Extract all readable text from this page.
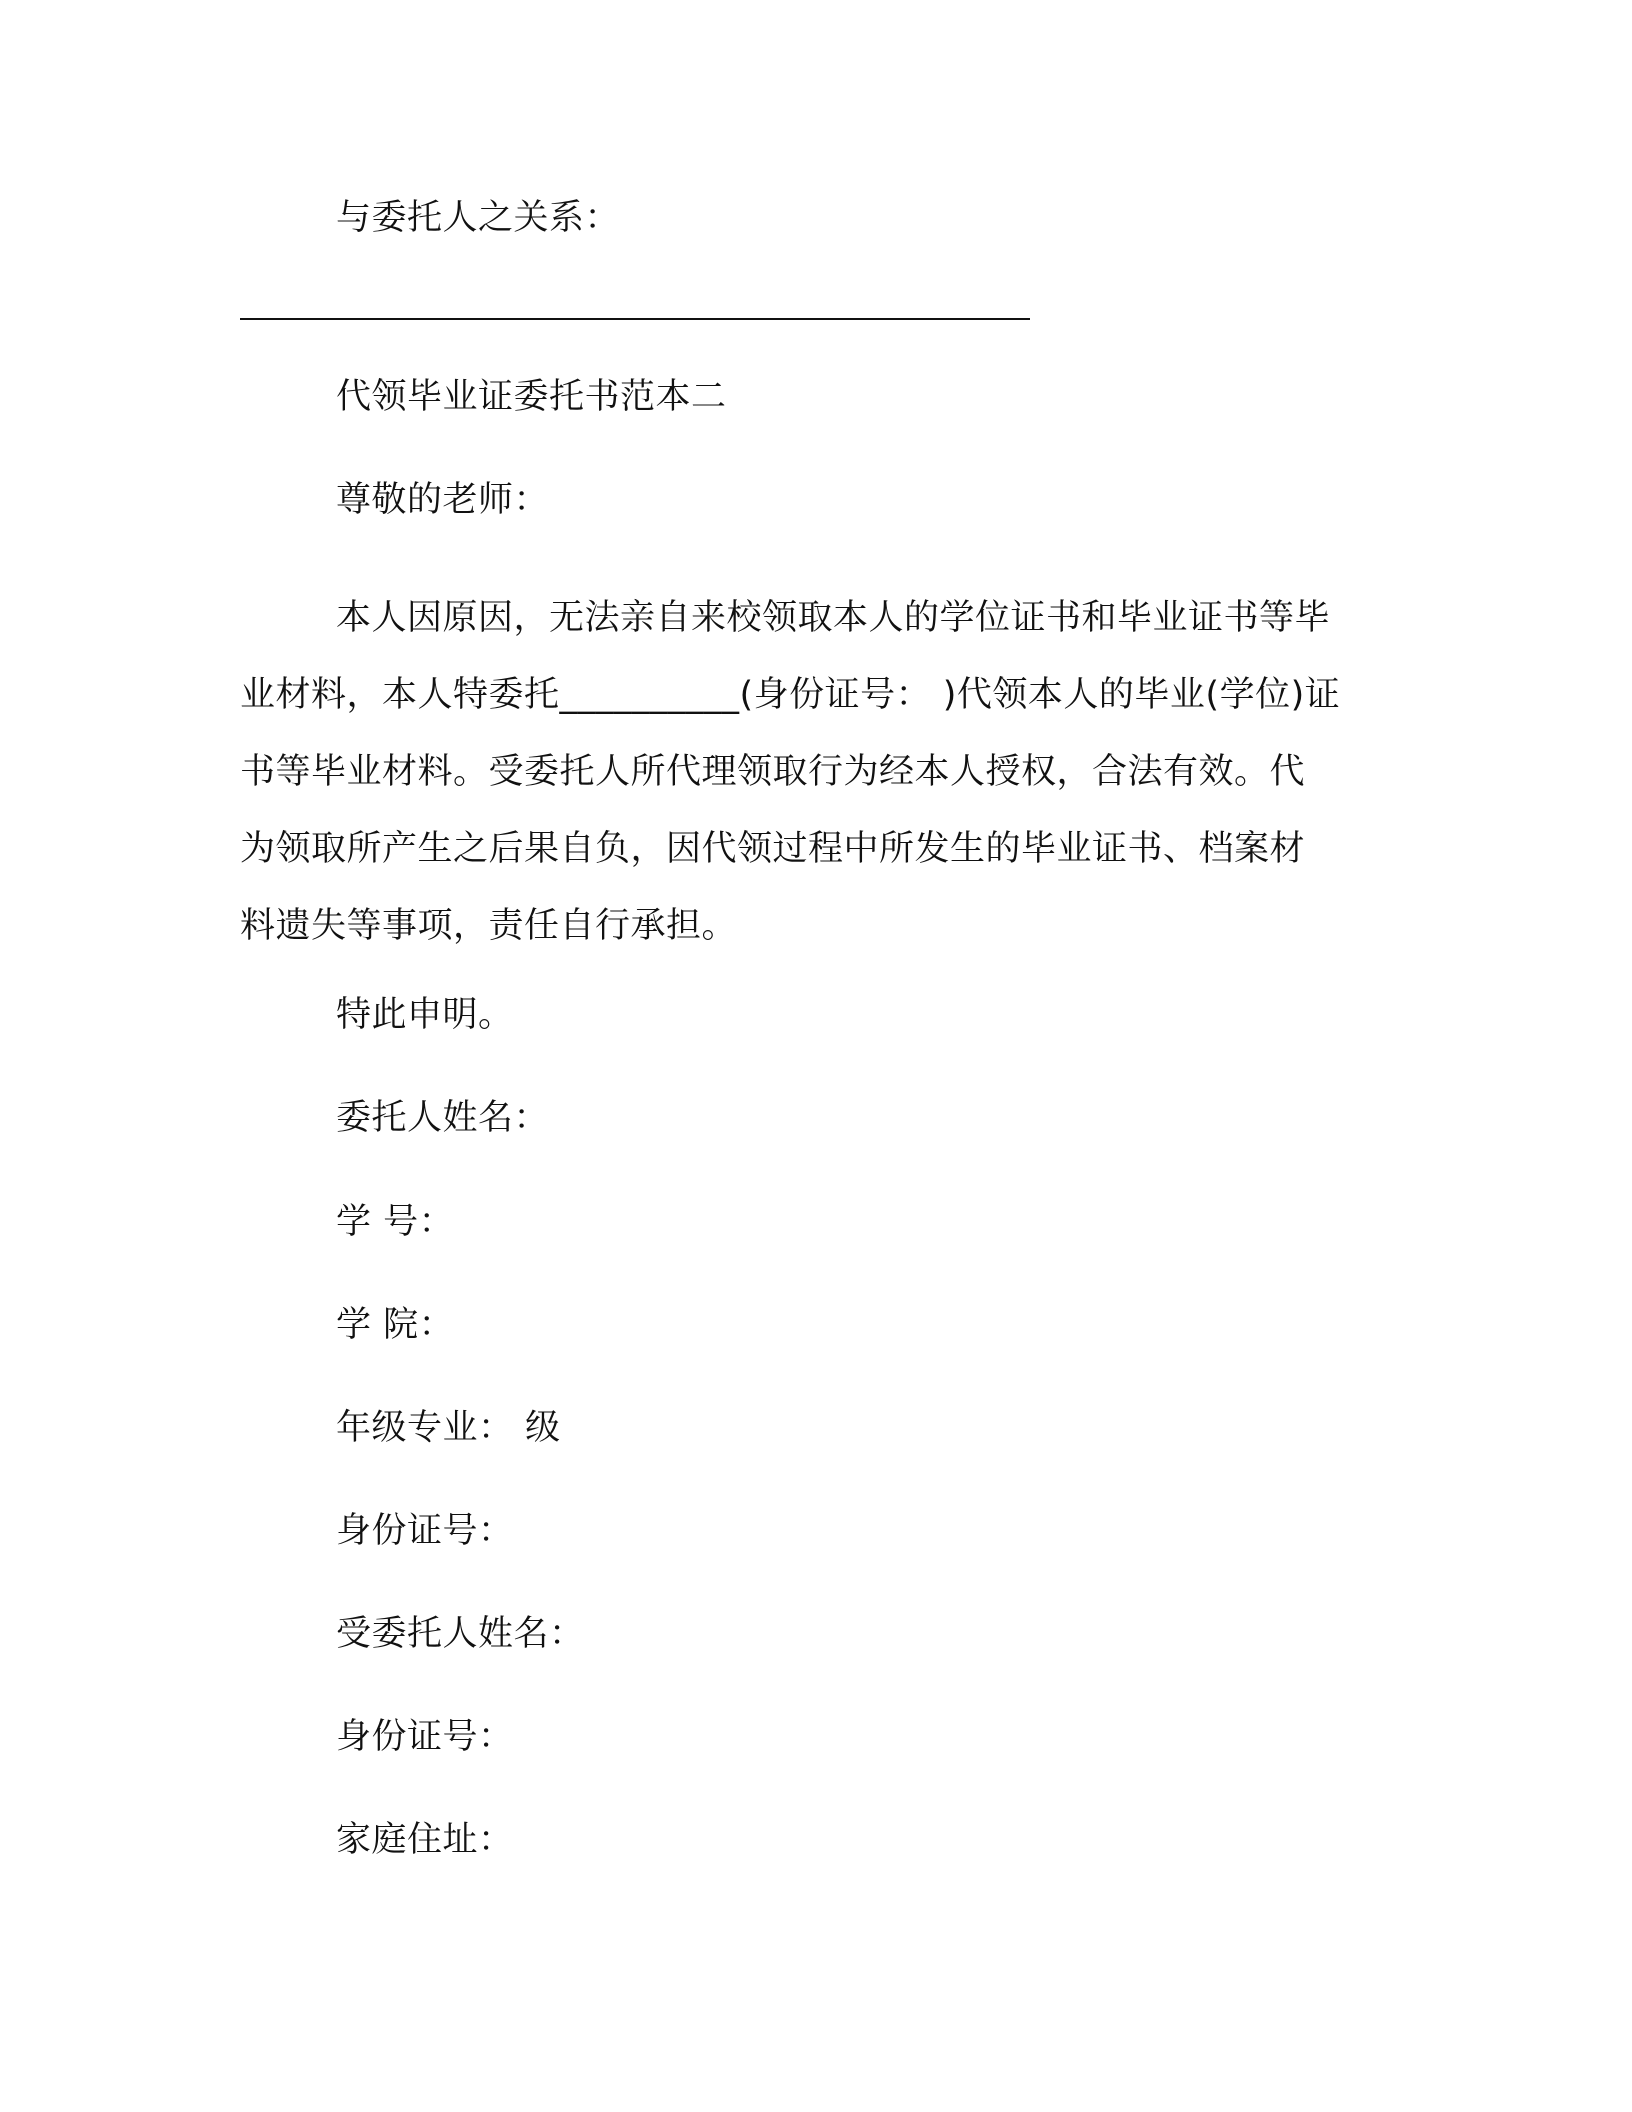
与委托人之关系：
代领毕业证委托书范本二
尊敬的老师：
本人因原因，无法亲自来校领取本人的学位证书和毕业证书等毕
业材料，本人特委托__________(身份证号： )代领本人的毕业(学位)证
书等毕业材料。受委托人所代理领取行为经本人授权，合法有效。代
为领取所产生之后果自负，因代领过程中所发生的毕业证书、档案材
料遗失等事项，责任自行承担。
特此申明。
委托人姓名：
学 号：
学 院：
年级专业： 级
身份证号：
受委托人姓名：
身份证号：
家庭住址：
